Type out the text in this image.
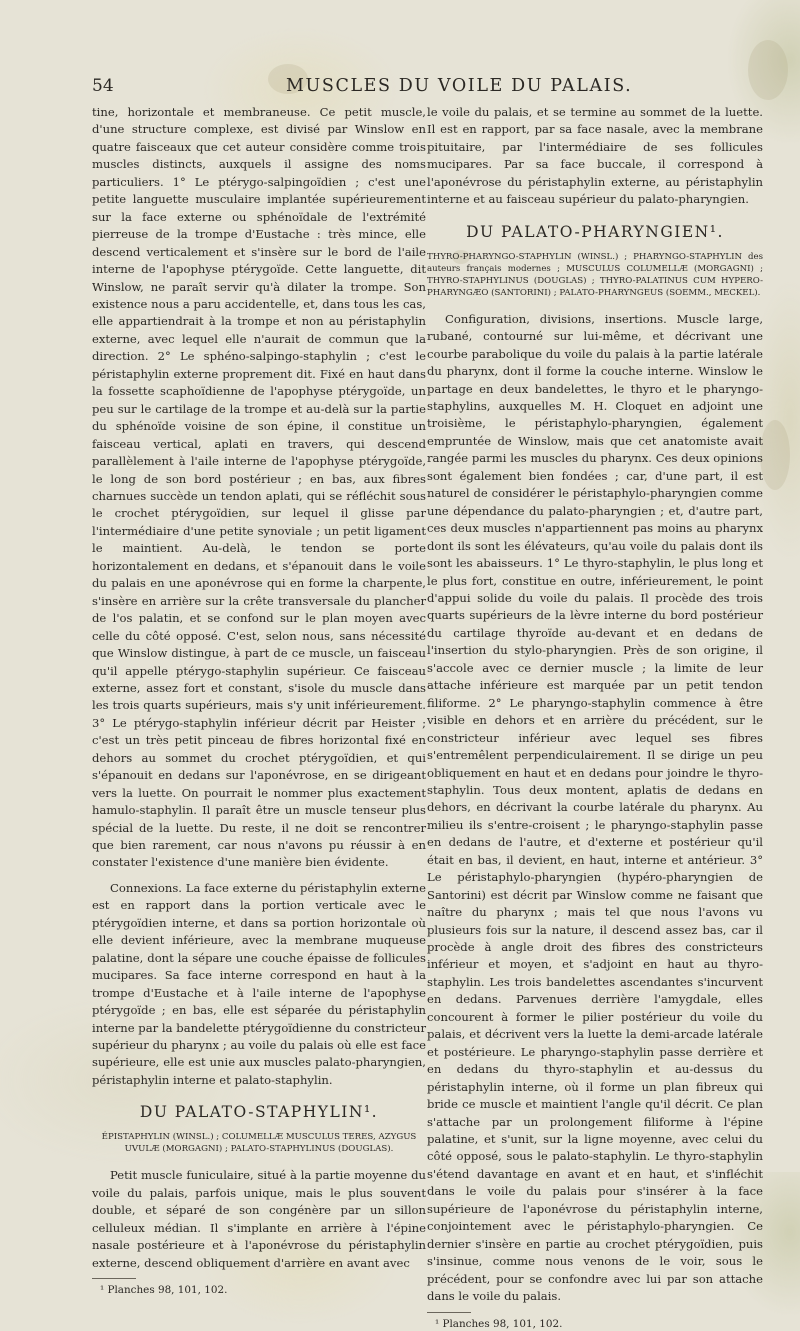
54	MUSCLES DU VOILE DU PALAIS.

tine, horizontale et membraneuse. Ce petit muscle, d'une structure complexe, est divisé par Winslow en quatre faisceaux que cet auteur considère comme trois muscles distincts, auxquels il assigne des noms particuliers. 1° Le ptérygo-salpingoïdien ; c'est une petite languette musculaire implantée supérieurement sur la face externe ou sphénoïdale de l'extrémité pierreuse de la trompe d'Eustache : très mince, elle descend verticalement et s'insère sur le bord de l'aile interne de l'apophyse ptérygoïde. Cette languette, dit Winslow, ne paraît servir qu'à dilater la trompe. Son existence nous a paru accidentelle, et, dans tous les cas, elle appartiendrait à la trompe et non au péristaphylin externe, avec lequel elle n'aurait de commun que la direction. 2° Le sphéno-salpingo-staphylin ; c'est le péristaphylin externe proprement dit. Fixé en haut dans la fossette scaphoïdienne de l'apophyse ptérygoïde, un peu sur le cartilage de la trompe et au-delà sur la partie du sphénoïde voisine de son épine, il constitue un faisceau vertical, aplati en travers, qui descend parallèlement à l'aile interne de l'apophyse ptérygoïde, le long de son bord postérieur ; en bas, aux fibres charnues succède un tendon aplati, qui se réfléchit sous le crochet ptérygoïdien, sur lequel il glisse par l'intermédiaire d'une petite synoviale ; un petit ligament le maintient. Au-delà, le tendon se porte horizontalement en dedans, et s'épanouit dans le voile du palais en une aponévrose qui en forme la charpente, s'insère en arrière sur la crête transversale du plancher de l'os palatin, et se confond sur le plan moyen avec celle du côté opposé. C'est, selon nous, sans nécessité que Winslow distingue, à part de ce muscle, un faisceau qu'il appelle ptérygo-staphylin supérieur. Ce faisceau externe, assez fort et constant, s'isole du muscle dans les trois quarts supérieurs, mais s'y unit inférieurement. 3° Le ptérygo-staphylin inférieur décrit par Heister ; c'est un très petit pinceau de fibres horizontal fixé en dehors au sommet du crochet ptérygoïdien, et qui s'épanouit en dedans sur l'aponévrose, en se dirigeant vers la luette. On pourrait le nommer plus exactement hamulo-staphylin. Il paraît être un muscle tenseur plus spécial de la luette. Du reste, il ne doit se rencontrer que bien rarement, car nous n'avons pu réussir à en constater l'existence d'une manière bien évidente.

Connexions. La face externe du péristaphylin externe est en rapport dans la portion verticale avec le ptérygoïdien interne, et dans sa portion horizontale où elle devient inférieure, avec la membrane muqueuse palatine, dont la sépare une couche épaisse de follicules mucipares. Sa face interne correspond en haut à la trompe d'Eustache et à l'aile interne de l'apophyse ptérygoïde ; en bas, elle est séparée du péristaphylin interne par la bandelette ptérygoïdienne du constricteur supérieur du pharynx ; au voile du palais où elle est face supérieure, elle est unie aux muscles palato-pharyngien, péristaphylin interne et palato-staphylin.

DU PALATO-STAPHYLIN¹.
ÉPISTAPHYLIN (WINSL.) ; COLUMELLÆ MUSCULUS TERES, AZYGUS UVULÆ (MORGAGNI) ; PALATO-STAPHYLINUS (DOUGLAS).

Petit muscle funiculaire, situé à la partie moyenne du voile du palais, parfois unique, mais le plus souvent double, et séparé de son congénère par un sillon celluleux médian. Il s'implante en arrière à l'épine nasale postérieure et à l'aponévrose du péristaphylin externe, descend obliquement d'arrière en avant avec

¹ Planches 98, 101, 102.

le voile du palais, et se termine au sommet de la luette. Il est en rapport, par sa face nasale, avec la membrane pituitaire, par l'intermédiaire de ses follicules mucipares. Par sa face buccale, il correspond à l'aponévrose du péristaphylin externe, au péristaphylin interne et au faisceau supérieur du palato-pharyngien.

DU PALATO-PHARYNGIEN¹.
THYRO-PHARYNGO-STAPHYLIN (WINSL.) ; PHARYNGO-STAPHYLIN des auteurs français modernes ; MUSCULUS COLUMELLÆ (MORGAGNI) ; THYRO-STAPHYLINUS (DOUGLAS) ; THYRO-PALATINUS CUM HYPERO-PHARYNGÆO (SANTORINI) ; PALATO-PHARYNGEUS (SOEMM., MECKEL).

Configuration, divisions, insertions. Muscle large, rubané, contourné sur lui-même, et décrivant une courbe parabolique du voile du palais à la partie latérale du pharynx, dont il forme la couche interne. Winslow le partage en deux bandelettes, le thyro et le pharyngo-staphylins, auxquelles M. H. Cloquet en adjoint une troisième, le péristaphylo-pharyngien, également empruntée de Winslow, mais que cet anatomiste avait rangée parmi les muscles du pharynx. Ces deux opinions sont également bien fondées ; car, d'une part, il est naturel de considérer le péristaphylo-pharyngien comme une dépendance du palato-pharyngien ; et, d'autre part, ces deux muscles n'appartiennent pas moins au pharynx dont ils sont les élévateurs, qu'au voile du palais dont ils sont les abaisseurs. 1° Le thyro-staphylin, le plus long et le plus fort, constitue en outre, inférieurement, le point d'appui solide du voile du palais. Il procède des trois quarts supérieurs de la lèvre interne du bord postérieur du cartilage thyroïde au-devant et en dedans de l'insertion du stylo-pharyngien. Près de son origine, il s'accole avec ce dernier muscle ; la limite de leur attache inférieure est marquée par un petit tendon filiforme. 2° Le pharyngo-staphylin commence à être visible en dehors et en arrière du précédent, sur le constricteur inférieur avec lequel ses fibres s'entremêlent perpendiculairement. Il se dirige un peu obliquement en haut et en dedans pour joindre le thyro-staphylin. Tous deux montent, aplatis de dedans en dehors, en décrivant la courbe latérale du pharynx. Au milieu ils s'entre-croisent ; le pharyngo-staphylin passe en dedans de l'autre, et d'externe et postérieur qu'il était en bas, il devient, en haut, interne et antérieur. 3° Le péristaphylo-pharyngien (hypéro-pharyngien de Santorini) est décrit par Winslow comme ne faisant que naître du pharynx ; mais tel que nous l'avons vu plusieurs fois sur la nature, il descend assez bas, car il procède à angle droit des fibres des constricteurs inférieur et moyen, et s'adjoint en haut au thyro-staphylin. Les trois bandelettes ascendantes s'incurvent en dedans. Parvenues derrière l'amygdale, elles concourent à former le pilier postérieur du voile du palais, et décrivent vers la luette la demi-arcade latérale et postérieure. Le pharyngo-staphylin passe derrière et en dedans du thyro-staphylin et au-dessus du péristaphylin interne, où il forme un plan fibreux qui bride ce muscle et maintient l'angle qu'il décrit. Ce plan s'attache par un prolongement filiforme à l'épine palatine, et s'unit, sur la ligne moyenne, avec celui du côté opposé, sous le palato-staphylin. Le thyro-staphylin s'étend davantage en avant et en haut, et s'infléchit dans le voile du palais pour s'insérer à la face supérieure de l'aponévrose du péristaphylin interne, conjointement avec le péristaphylo-pharyngien. Ce dernier s'insère en partie au crochet ptérygoïdien, puis s'insinue, comme nous venons de le voir, sous le précédent, pour se confondre avec lui par son attache dans le voile du palais.

¹ Planches 98, 101, 102.
